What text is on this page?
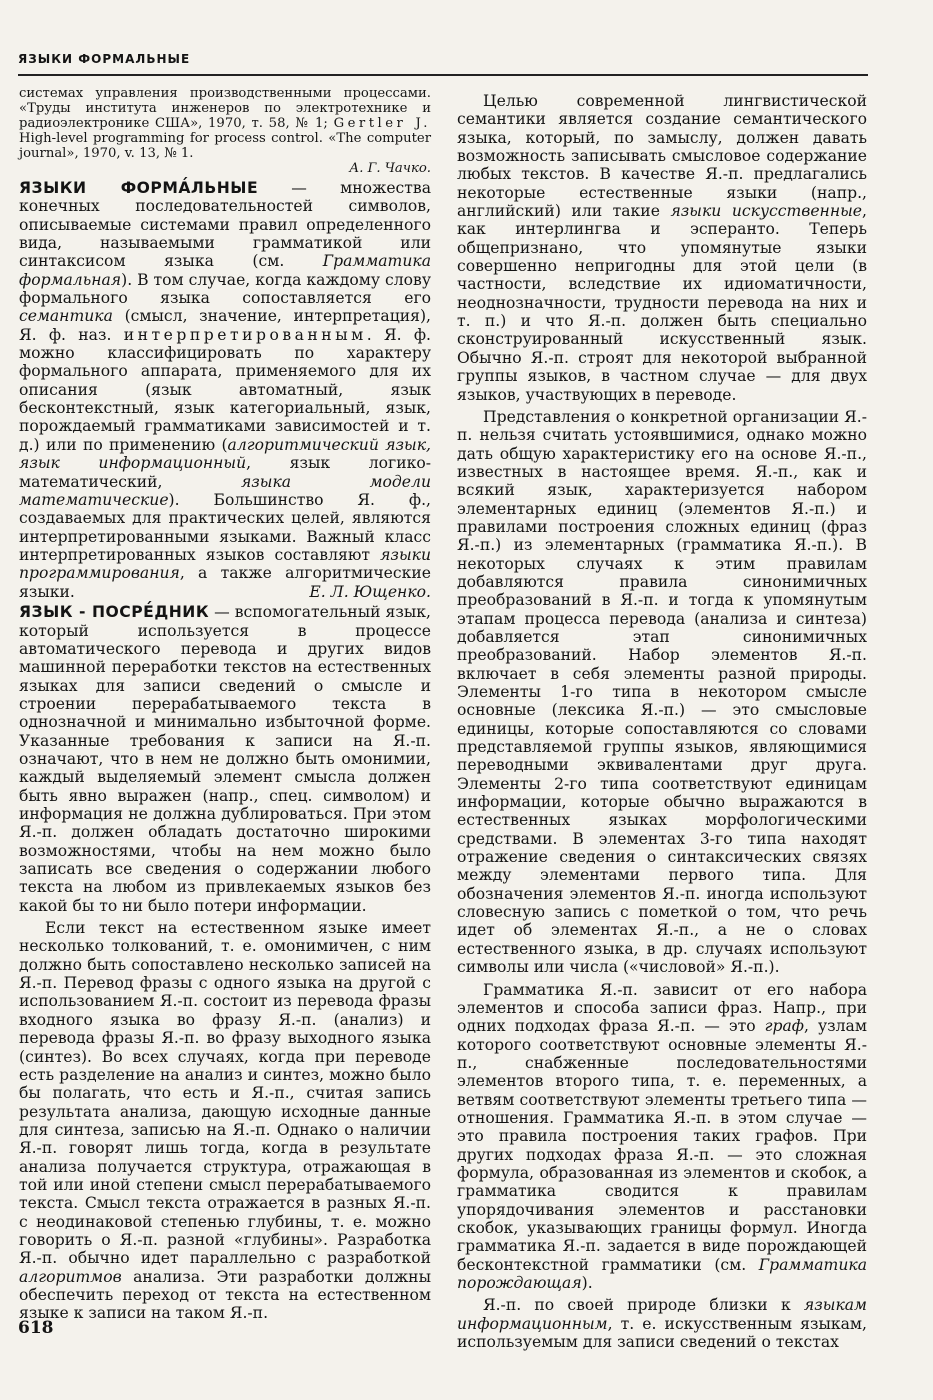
ЯЗЫКИ ФОРМАЛЬНЫЕ

системах управления производственными процессами. «Труды института инженеров по электротехнике и радиоэлектронике США», 1970, т. 58, № 1; Gertler J. High-level programming for process control. «The computer journal», 1970, v. 13, № 1.

А. Г. Чачко.

ЯЗЫКИ ФОРМА́ЛЬНЫЕ — множества конечных последовательностей символов, описываемые системами правил определенного вида, называемыми грамматикой или синтаксисом языка (см. Грамматика формальная). В том случае, когда каждому слову формального языка сопоставляется его семантика (смысл, значение, интерпретация), Я. ф. наз. интерпретированным. Я. ф. можно классифицировать по характеру формального аппарата, применяемого для их описания (язык автоматный, язык бесконтекстный, язык категориальный, язык, порождаемый грамматиками зависимостей и т. д.) или по применению (алгоритмический язык, язык информационный, язык логико-математический, языка модели математические). Большинство Я. ф., создаваемых для практических целей, являются интерпретированными языками. Важный класс интерпретированных языков составляют языки программирования, а также алгоритмические языки.	Е. Л. Ющенко.

ЯЗЫК - ПОСРЕ́ДНИК — вспомогательный язык, который используется в процессе автоматического перевода и других видов машинной переработки текстов на естественных языках для записи сведений о смысле и строении перерабатываемого текста в однозначной и минимально избыточной форме. Указанные требования к записи на Я.-п. означают, что в нем не должно быть омонимии, каждый выделяемый элемент смысла должен быть явно выражен (напр., спец. символом) и информация не должна дублироваться. При этом Я.-п. должен обладать достаточно широкими возможностями, чтобы на нем можно было записать все сведения о содержании любого текста на любом из привлекаемых языков без какой бы то ни было потери информации.

Если текст на естественном языке имеет несколько толкований, т. е. омонимичен, с ним должно быть сопоставлено несколько записей на Я.-п. Перевод фразы с одного языка на другой с использованием Я.-п. состоит из перевода фразы входного языка во фразу Я.-п. (анализ) и перевода фразы Я.-п. во фразу выходного языка (синтез). Во всех случаях, когда при переводе есть разделение на анализ и синтез, можно было бы полагать, что есть и Я.-п., считая запись результата анализа, дающую исходные данные для синтеза, записью на Я.-п. Однако о наличии Я.-п. говорят лишь тогда, когда в результате анализа получается структура, отражающая в той или иной степени смысл перерабатываемого текста. Смысл текста отражается в разных Я.-п. с неодинаковой степенью глубины, т. е. можно говорить о Я.-п. разной «глубины». Разработка Я.-п. обычно идет параллельно с разработкой алгоритмов анализа. Эти разработки должны обеспечить переход от текста на естественном языке к записи на таком Я.-п.

Целью современной лингвистической семантики является создание семантического языка, который, по замыслу, должен давать возможность записывать смысловое содержание любых текстов. В качестве Я.-п. предлагались некоторые естественные языки (напр., английский) или такие языки искусственные, как интерлингва и эсперанто. Теперь общепризнано, что упомянутые языки совершенно непригодны для этой цели (в частности, вследствие их идиоматичности, неоднозначности, трудности перевода на них и т. п.) и что Я.-п. должен быть специально сконструированный искусственный язык. Обычно Я.-п. строят для некоторой выбранной группы языков, в частном случае — для двух языков, участвующих в переводе.

Представления о конкретной организации Я.-п. нельзя считать устоявшимися, однако можно дать общую характеристику его на основе Я.-п., известных в настоящее время. Я.-п., как и всякий язык, характеризуется набором элементарных единиц (элементов Я.-п.) и правилами построения сложных единиц (фраз Я.-п.) из элементарных (грамматика Я.-п.). В некоторых случаях к этим правилам добавляются правила синонимичных преобразований в Я.-п. и тогда к упомянутым этапам процесса перевода (анализа и синтеза) добавляется этап синонимичных преобразований. Набор элементов Я.-п. включает в себя элементы разной природы. Элементы 1-го типа в некотором смысле основные (лексика Я.-п.) — это смысловые единицы, которые сопоставляются со словами представляемой группы языков, являющимися переводными эквивалентами друг друга. Элементы 2-го типа соответствуют единицам информации, которые обычно выражаются в естественных языках морфологическими средствами. В элементах 3-го типа находят отражение сведения о синтаксических связях между элементами первого типа. Для обозначения элементов Я.-п. иногда используют словесную запись с пометкой о том, что речь идет об элементах Я.-п., а не о словах естественного языка, в др. случаях используют символы или числа («числовой» Я.-п.).

Грамматика Я.-п. зависит от его набора элементов и способа записи фраз. Напр., при одних подходах фраза Я.-п. — это граф, узлам которого соответствуют основные элементы Я.-п., снабженные последовательностями элементов второго типа, т. е. переменных, а ветвям соответствуют элементы третьего типа — отношения. Грамматика Я.-п. в этом случае — это правила построения таких графов. При других подходах фраза Я.-п. — это сложная формула, образованная из элементов и скобок, а грамматика сводится к правилам упорядочивания элементов и расстановки скобок, указывающих границы формул. Иногда грамматика Я.-п. задается в виде порождающей бесконтекстной грамматики (см. Грамматика порождающая).

Я.-п. по своей природе близки к языкам информационным, т. е. искусственным языкам, используемым для записи сведений о текстах

618
